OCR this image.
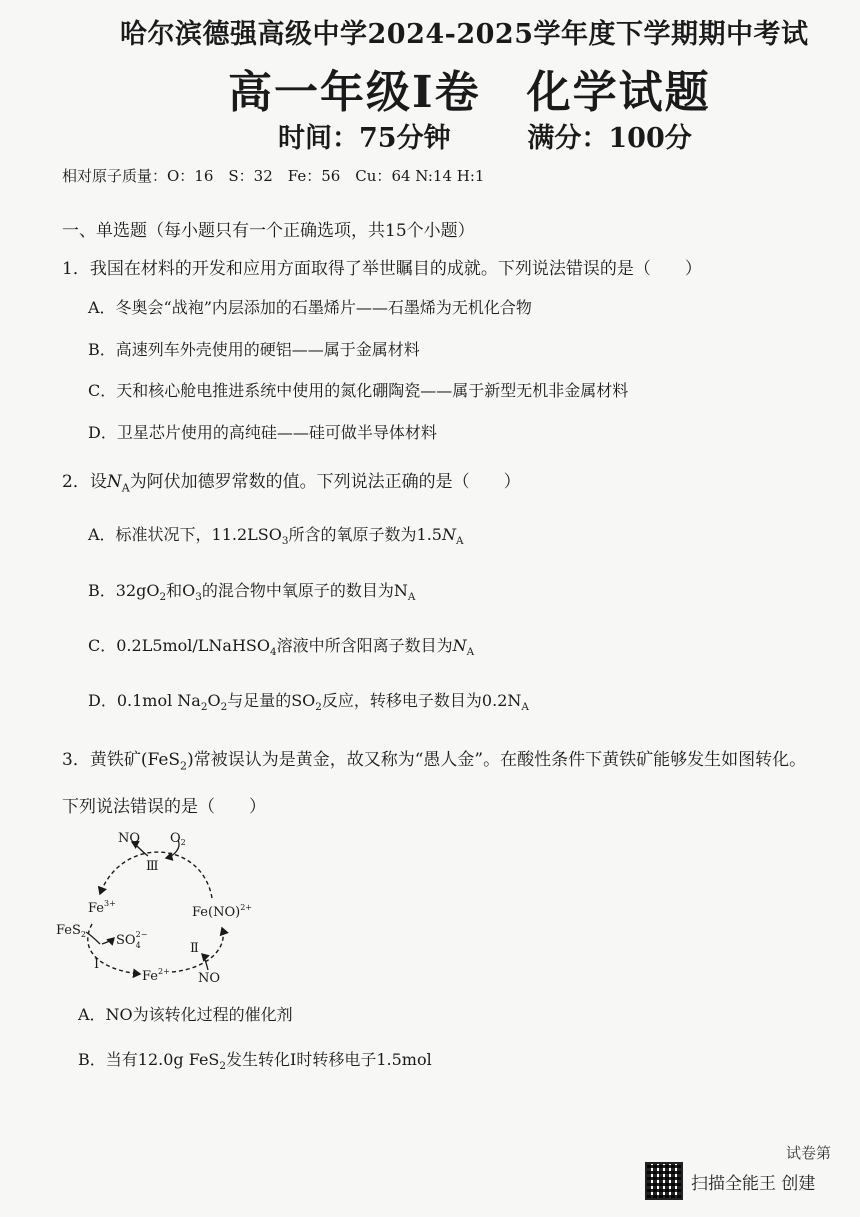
哈尔滨德强高级中学2024-2025学年度下学期期中考试
高一年级Ⅰ卷　化学试题
时间：75分钟	满分：100分
相对原子质量：O：16　S：32　Fe：56　Cu：64 N:14 H:1
一、单选题（每小题只有一个正确选项，共15个小题）
1．我国在材料的开发和应用方面取得了举世瞩目的成就。下列说法错误的是（　　）
A．冬奥会“战袍”内层添加的石墨烯片——石墨烯为无机化合物
B．高速列车外壳使用的硬铝——属于金属材料
C．天和核心舱电推进系统中使用的氮化硼陶瓷——属于新型无机非金属材料
D．卫星芯片使用的高纯硅——硅可做半导体材料
2．设$N_A$为阿伏加德罗常数的值。下列说法正确的是（　　）
A．标准状况下，$11.2LSO_3$所含的氧原子数为$1.5N_A$
B．$32gO_2$和$O_3$的混合物中氧原子的数目为$N_A$
C．0.2L5mol/LNaHSO$_4$溶液中所含阳离子数目为$N_A$
D．0.1mol $Na_2O_2$与足量的$SO_2$反应，转移电子数目为$0.2N_A$
3．黄铁矿(FeS$_2$)常被误认为是黄金，故又称为“愚人金”。在酸性条件下黄铁矿能够发生如图转化。
下列说法错误的是（　　）
NO $O_2$
Ⅲ
$Fe^{3+}$
Fe(NO)$^{2+}$
FeS$_2$ $SO_42-$
Ⅱ
Ⅰ
$Fe^{2+}$ NO
A．NO为该转化过程的催化剂
B．当有12.0g FeS$_2$发生转化Ⅰ时转移电子1.5mol
试卷第
扫描全能王 创建
